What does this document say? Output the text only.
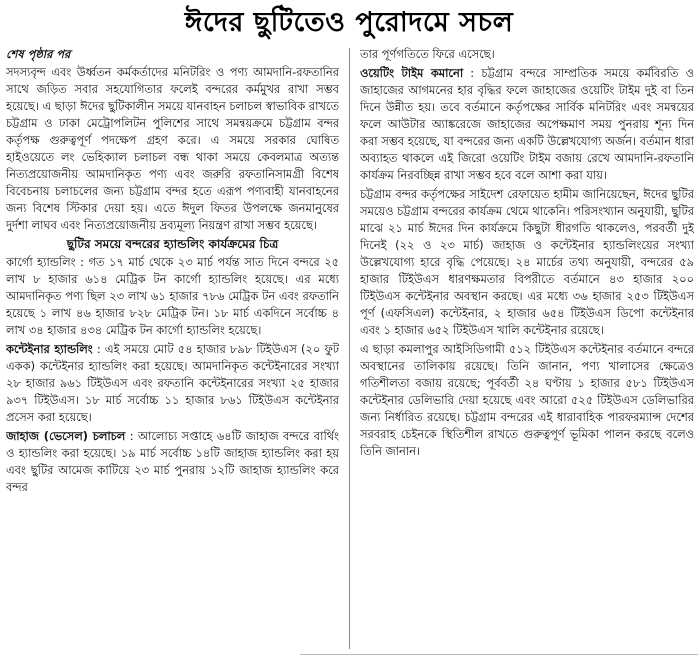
ঈদের ছুটিতেও পুরোদমে সচল

শেষ পৃষ্ঠার পর

সদস্যবৃন্দ এবং উর্ধ্বতন কর্মকর্তাদের মনিটরিং ও পণ্য আমদানি-রফতানির সাথে জড়িত সবার সহযোগিতার ফলেই বন্দরের কর্মমুখর রাখা সম্ভব হয়েছে। এ ছাড়া ঈদের ছুটিকালীন সময়ে যানবাহন চলাচল স্বাভাবিক রাখতে চট্টগ্রাম ও ঢাকা মেট্রোপলিটন পুলিশের সাথে সমন্বয়ক্রমে চট্টগ্রাম বন্দর কর্তৃপক্ষ গুরুত্বপূর্ণ পদক্ষেপ গ্রহণ করে। এ সময়ে সরকার ঘোষিত হাইওয়েতে লং ভেহিক্যাল চলাচল বন্ধ থাকা সময়ে কেবলমাত্র অত্যন্ত নিত্যপ্রয়োজনীয় আমদানিকৃত পণ্য এবং জরুরি রফতানিসামগ্রী বিশেষ বিবেচনায় চলাচলের জন্য চট্টগ্রাম বন্দর হতে এরূপ পণ্যবাহী যানবাহনের জন্য বিশেষ স্টিকার দেয়া হয়। এতে ঈদুল ফিতর উপলক্ষে জনমানুষের দুর্দশা লাঘব এবং নিত্যপ্রয়োজনীয় দ্রব্যমূল্য নিয়ন্ত্রণ রাখা সম্ভব হয়েছে।

ছুটির সময়ে বন্দরের হ্যান্ডলিং কার্যক্রমের চিত্র

কার্গো হ্যান্ডলিং : গত ১৭ মার্চ থেকে ২৩ মার্চ পর্যন্ত সাত দিনে বন্দরে ২৫ লাখ ৮ হাজার ৬১৪ মেট্রিক টন কার্গো হ্যান্ডলিং হয়েছে। এর মধ্যে আমদানিকৃত পণ্য ছিল ২৩ লাখ ৬১ হাজার ৭৮৬ মেট্রিক টন এবং রফতানি হয়েছে ১ লাখ ৪৬ হাজার ৮২৮ মেট্রিক টন। ১৮ মার্চ একদিনে সর্বোচ্চ ৪ লাখ ৩৪ হাজার ৪৩৪ মেট্রিক টন কার্গো হ্যান্ডলিং হয়েছে।

কন্টেইনার হ্যান্ডলিং : এই সময়ে মোট ৫৪ হাজার ৮৯৮ টিইউএস (২০ ফুট একক) কন্টেইনার হ্যান্ডলিং করা হয়েছে। আমদানিকৃত কন্টেইনারের সংখ্যা ২৮ হাজার ৯৬১ টিইউএস এবং রফতানি কন্টেইনারের সংখ্যা ২৫ হাজার ৯৩৭ টিইউএস। ১৮ মার্চ সর্বোচ্চ ১১ হাজার ৮৬১ টিইউএস কন্টেইনার প্রসেস করা হয়েছে।

জাহাজ (ভেসেল) চলাচল : আলোচ্য সপ্তাহে ৬৪টি জাহাজ বন্দরে বার্থিং ও হ্যান্ডলিং করা হয়েছে। ১৯ মার্চ সর্বোচ্চ ১৪টি জাহাজ হ্যান্ডলিং করা হয় এবং ছুটির আমেজ কাটিয়ে ২৩ মার্চ পুনরায় ১২টি জাহাজ হ্যান্ডলিং করে বন্দর

তার পূর্ণগতিতে ফিরে এসেছে।

ওয়েটিং টাইম কমানো : চট্টগ্রাম বন্দরে সাম্প্রতিক সময়ে কর্মবিরতি ও জাহাজের আগমনের হার বৃদ্ধির ফলে জাহাজের ওয়েটিং টাইম দুই বা তিন দিনে উন্নীত হয়। তবে বর্তমানে কর্তৃপক্ষের সার্বিক মনিটরিং এবং সমন্বয়ের ফলে আউটার অ্যাঙ্করেজে জাহাজের অপেক্ষমাণ সময় পুনরায় শূন্য দিন করা সম্ভব হয়েছে, যা বন্দরের জন্য একটি উল্লেখযোগ্য অর্জন। বর্তমান ধারা অব্যাহত থাকলে এই জিরো ওয়েটিং টাইম বজায় রেখে আমদানি-রফতানি কার্যক্রম নিরবচ্ছিন্ন রাখা সম্ভব হবে বলে আশা করা যায়।

চট্টগ্রাম বন্দর কর্তৃপক্ষের সাইদেশ রেফায়েত হামীম জানিয়েছেন, ঈদের ছুটির সময়েও চট্টগ্রাম বন্দরের কার্যক্রম থেমে থাকেনি। পরিসংখ্যান অনুযায়ী, ছুটির মাঝে ২১ মার্চ ঈদের দিন কার্যক্রমে কিছুটা ধীরগতি থাকলেও, পরবর্তী দুই দিনেই (২২ ও ২৩ মার্চ) জাহাজ ও কন্টেইনার হ্যান্ডলিংয়ের সংখ্যা উল্লেখযোগ্য হারে বৃদ্ধি পেয়েছে। ২৪ মার্চের তথ্য অনুযায়ী, বন্দরের ৫৯ হাজার টিইউএস ধারণক্ষমতার বিপরীতে বর্তমানে ৪৩ হাজার ২০০ টিইউএস কন্টেইনার অবস্থান করছে। এর মধ্যে ৩৬ হাজার ২৫৩ টিইউএস পূর্ণ (এফসিএল) কন্টেইনার, ২ হাজার ৬৫৪ টিইউএস ডিপো কন্টেইনার এবং ১ হাজার ৬৫২ টিইউএস খালি কন্টেইনার রয়েছে।

এ ছাড়া কমলাপুর আইসিডিগামী ৫১২ টিইউএস কন্টেইনার বর্তমানে বন্দরে অবস্থানের তালিকায় রয়েছে। তিনি জানান, পণ্য খালাসের ক্ষেত্রেও গতিশীলতা বজায় রয়েছে; পূর্ববর্তী ২৪ ঘণ্টায় ১ হাজার ৫৮১ টিইউএস কন্টেইনার ডেলিভারি দেয়া হয়েছে এবং আরো ৫২৫ টিইউএস ডেলিভারির জন্য নির্ধারিত রয়েছে। চট্টগ্রাম বন্দরের এই ধারাবাহিক পারফরম্যান্স দেশের সরবরাহ চেইনকে স্থিতিশীল রাখতে গুরুত্বপূর্ণ ভূমিকা পালন করছে বলেও তিনি জানান।
